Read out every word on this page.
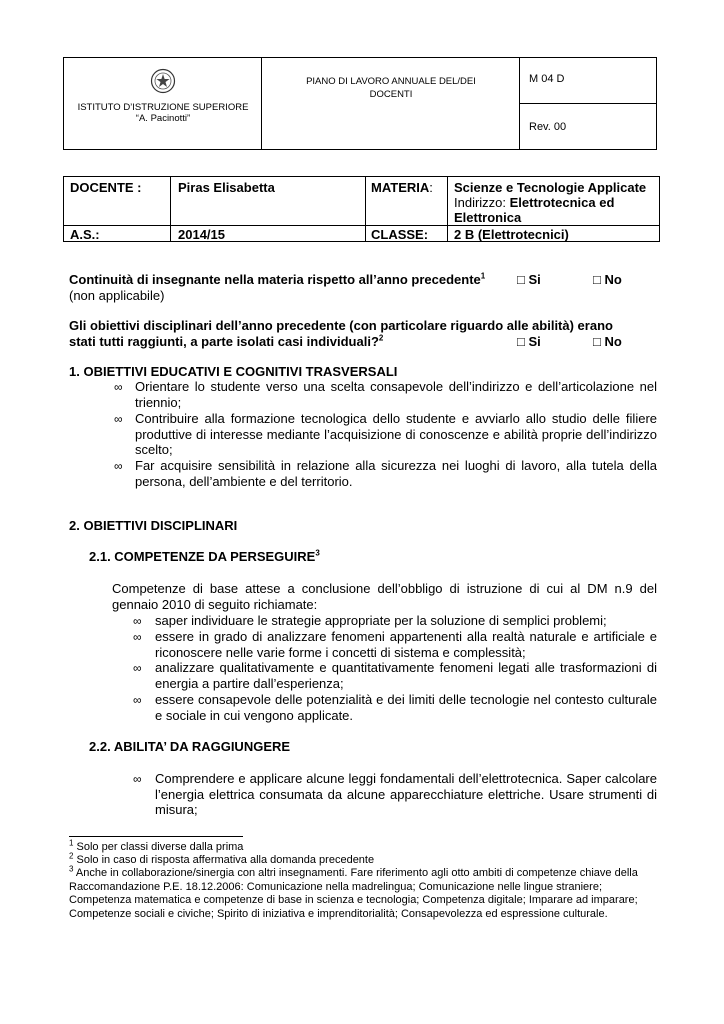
ISTITUTO D’ISTRUZIONE SUPERIORE
“A. Pacinotti”
PIANO DI LAVORO ANNUALE DEL/DEI
DOCENTI
M 04 D
Rev. 00
DOCENTE :	Piras Elisabetta	MATERIA: Scienze e Tecnologie Applicate
Indirizzo: Elettrotecnica ed
Elettronica
A.S.:	2014/15	CLASSE: 2 B (Elettrotecnici)
Continuità di insegnante nella materia rispetto all’anno precedente$^1$ □ Si	□ No
(non applicabile)
Gli obiettivi disciplinari dell’anno precedente (con particolare riguardo alle abilità) erano
stati tutti raggiunti, a parte isolati casi individuali?$^2$	□ Si	□ No
1. OBIETTIVI EDUCATIVI E COGNITIVI TRASVERSALI
∞ Orientare lo studente verso una scelta consapevole dell’indirizzo e dell’articolazione nel triennio;
∞ Contribuire alla formazione tecnologica dello studente e avviarlo allo studio delle filiere produttive di interesse mediante l’acquisizione di conoscenze e abilità proprie dell’indirizzo scelto;
∞ Far acquisire sensibilità in relazione alla sicurezza nei luoghi di lavoro, alla tutela della persona, dell’ambiente e del territorio.
2. OBIETTIVI DISCIPLINARI
2.1. COMPETENZE DA PERSEGUIRE$^3$
Competenze di base attese a conclusione dell’obbligo di istruzione di cui al DM n.9 del gennaio 2010 di seguito richiamate:
∞ saper individuare le strategie appropriate per la soluzione di semplici problemi;
∞ essere in grado di analizzare fenomeni appartenenti alla realtà naturale e artificiale e riconoscere nelle varie forme i concetti di sistema e complessità;
∞ analizzare qualitativamente e quantitativamente fenomeni legati alle trasformazioni di energia a partire dall’esperienza;
∞ essere consapevole delle potenzialità e dei limiti delle tecnologie nel contesto culturale e sociale in cui vengono applicate.
2.2. ABILITA’ DA RAGGIUNGERE
∞ Comprendere e applicare alcune leggi fondamentali dell’elettrotecnica. Saper calcolare l’energia elettrica consumata da alcune apparecchiature elettriche. Usare strumenti di misura;
$^1$ Solo per classi diverse dalla prima
$^2$ Solo in caso di risposta affermativa alla domanda precedente
$^3$ Anche in collaborazione/sinergia con altri insegnamenti. Fare riferimento agli otto ambiti di competenze chiave della Raccomandazione P.E. 18.12.2006: Comunicazione nella madrelingua; Comunicazione nelle lingue straniere; Competenza matematica e competenze di base in scienza e tecnologia; Competenza digitale; Imparare ad imparare; Competenze sociali e civiche; Spirito di iniziativa e imprenditorialità; Consapevolezza ed espressione culturale.
